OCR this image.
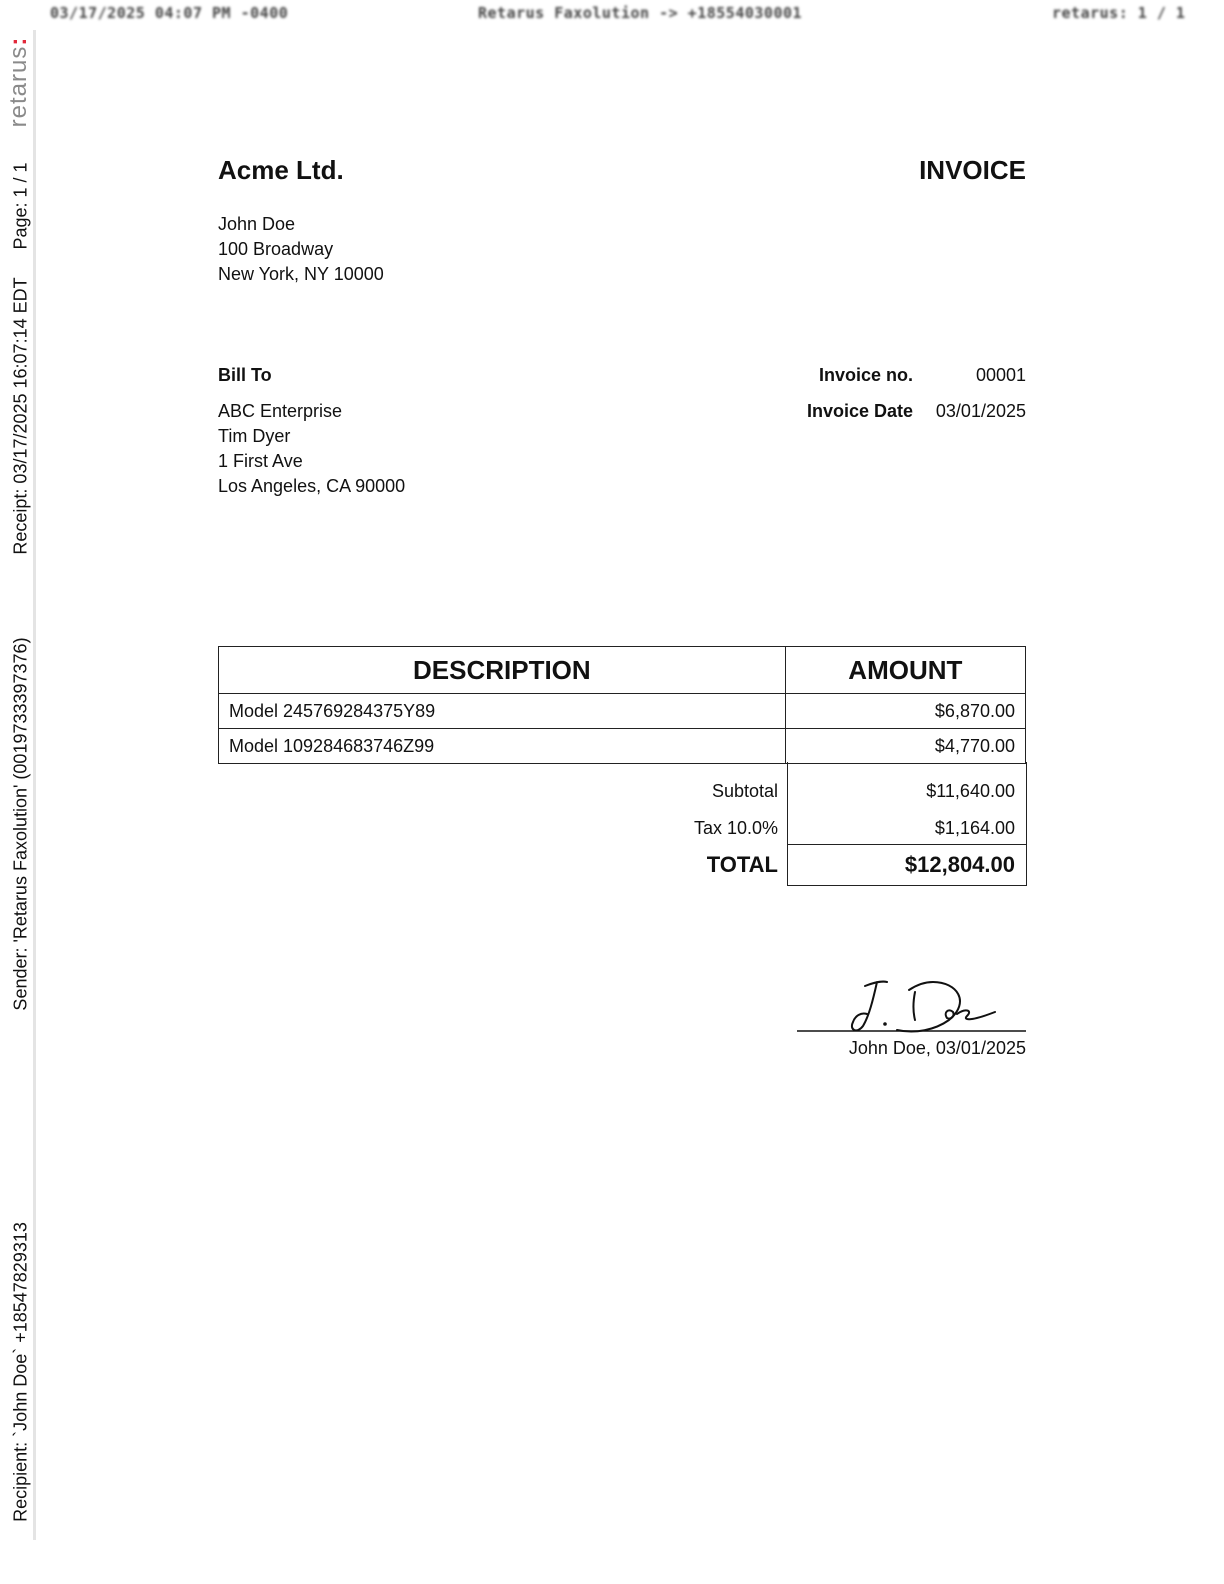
03/17/2025 04:07 PM -0400	Retarus Faxolution -> +18554030001	retarus: 1 / 1
retarus:
Page: 1 / 1
Receipt: 03/17/2025 16:07:14 EDT
Sender: 'Retarus Faxolution' (0019733397376)
Recipient: `John Doe` +18547829313
Acme Ltd.	INVOICE
John Doe
100 Broadway
New York, NY 10000
Bill To
ABC Enterprise
Tim Dyer
1 First Ave
Los Angeles, CA 90000
Invoice no.	00001
Invoice Date 03/01/2025
DESCRIPTION	AMOUNT
Model 245769284375Y89	$6,870.00
Model 109284683746Z99	$4,770.00
Subtotal	$11,640.00
Tax 10.0%	$1,164.00
TOTAL	$12,804.00
J. Doe
John Doe, 03/01/2025
